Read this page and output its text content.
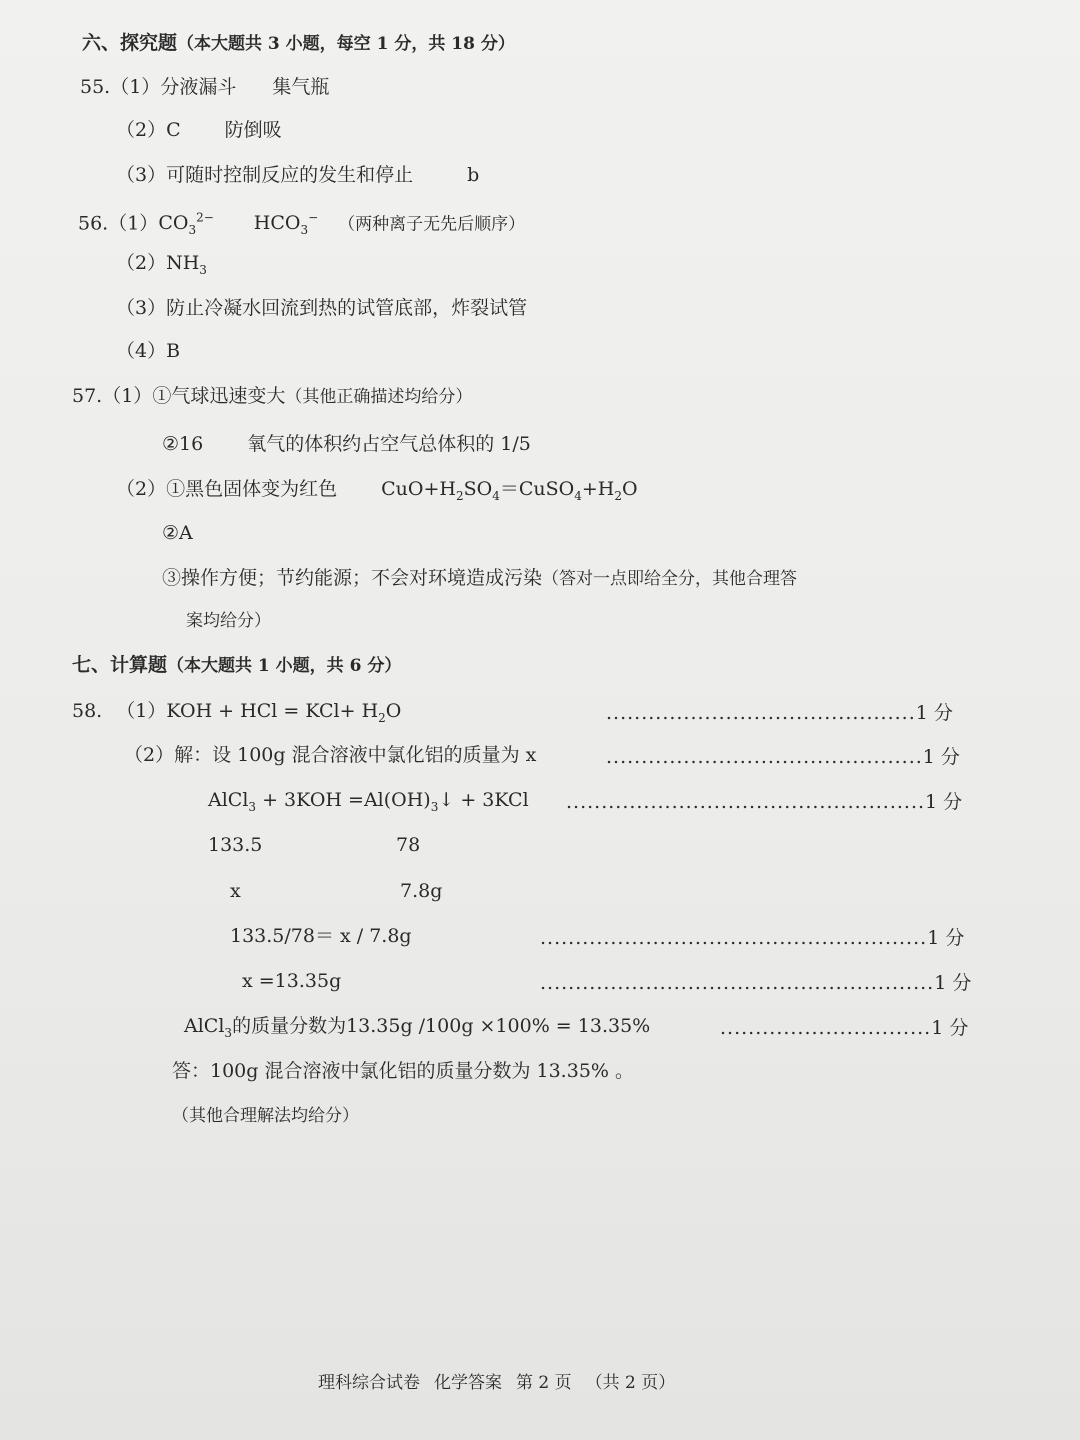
六、探究题（本大题共 3 小题，每空 1 分，共 18 分）
55.（1）分液漏斗 集气瓶
（2）C 防倒吸
（3）可随时控制反应的发生和停止	b
$56.(1)CO_3^{2-}$ $HCO_3^-$ （两种离子无先后顺序）
$(2)NH_3$
（3）防止冷凝水回流到热的试管底部，炸裂试管
（4）B
57.（1）①气球迅速变大（其他正确描述均给分）
②16 氧气的体积约占空气总体积的 1/5
（2）①黑色固体变为红色 $CuO+H_2SO_4=CuSO_4+H_2O$
②A
③操作方便；节约能源；不会对环境造成污染（答对一点即给全分，其他合理答
案均给分）
七、计算题（本大题共 1 小题，共 6 分）
58. （1）KOH + HCl = $KCl+ H_2O$	............................................1 分
（2）解：设 100g 混合溶液中氯化铝的质量为 x	.............................................1 分
AlCl$_3$ + $3KOH =Al(OH)_3↓ + 3KCl$ ...................................................1 分
133.5	78
x	7.8g
133.5/78＝ x / 7.8g	.......................................................1 分
x =13.35g	........................................................1 分
AlCl$_3$的质量分数为13.35g /100g ×100% = 13.35%	..............................1 分
答：100g 混合溶液中氯化铝的质量分数为 13.35% 。
（其他合理解法均给分）
理科综合试卷 化学答案 第 2 页 （共 2 页）
